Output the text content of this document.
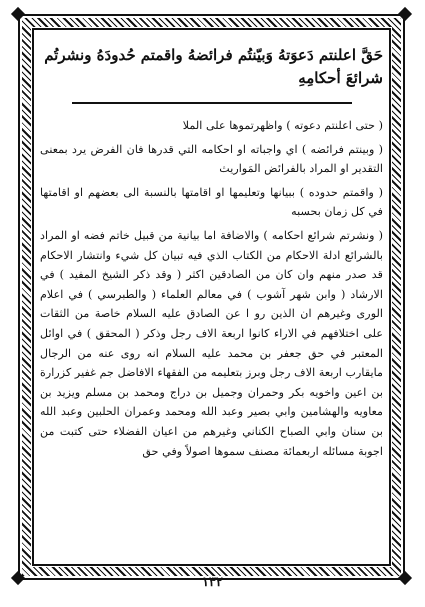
حَقَّ اعلنتم دَعوَتهُ وَبيّنتُم فرائضهُ واقمتم حُدودَهُ ونشرتُم شرائعَ أحكامِهِ

( حتى اعلنتم دعوته ) واظهرتموها على الملا

( وبينتم فرائضه ) اي واجباته او احكامه التي قدرها فان الفرض يرد بمعنى التقدير او المراد بالفرائض المَواريث

( واقمتم حدوده ) ببيانها وتعليمها او اقامتها بالنسبة الى بعضهم او اقامتها في كل زمان بحسبه

( ونشرتم شرائع احكامه ) والاضافة اما بيانية من قبيل خاتم فضه او المراد بالشرائع ادلة الاحكام من الكتاب الذي فيه تبيان كل شيء وانتشار الاحكام قد صدر منهم وان كان من الصادقين اكثر ( وقد ذكر الشيخ المفيد ) في الارشاد ( وابن شهر آشوب ) في معالم العلماء ( والطبرسي ) في اعلام الورى وغيرهم ان الذين رو ا عن الصادق عليه السلام خاصة من الثقات على اختلافهم في الاراء كانوا اربعة الاف رجل وذكر ( المحقق ) في اوائل المعتبر في حق جعفر بن محمد عليه السلام انه روى عنه من الرجال مايقارب اربعة الاف رجل وبرز بتعليمه من الفقهاء الافاضل جم غفير كزرارة بن اعين واخويه بكر وحمران وجميل بن دراج ومحمد بن مسلم ويزيد بن معاويه والهشامين وابي بصير وعبد الله ومحمد وعمران الحلبين وعبد الله بن سنان وابي الصباح الكناني وغيرهم من اعيان الفضلاء حتى كتبت من اجوبة مسائله اربعمائة مصنف سموها اصولاً وفي حق

١٣٢
